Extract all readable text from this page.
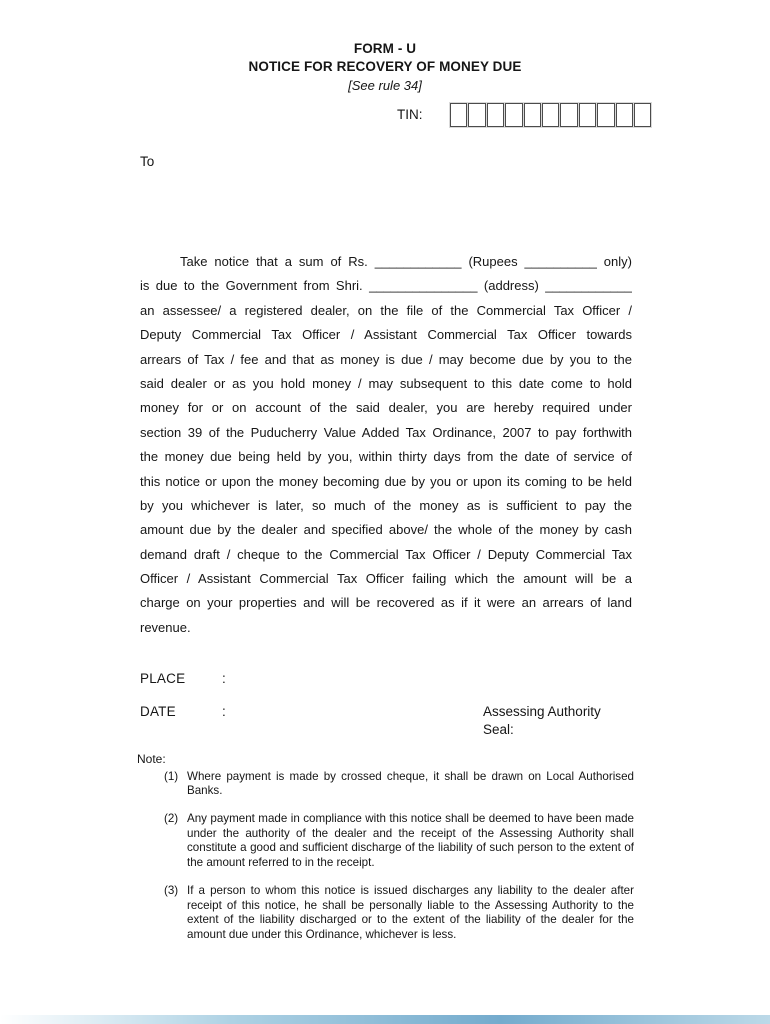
FORM - U
NOTICE FOR RECOVERY OF MONEY DUE
[See rule 34]
TIN:
To
Take notice that a sum of Rs. ____________ (Rupees __________ only)
is due to the Government from Shri. _______________ (address) ____________
an assessee/ a registered dealer, on the file of the Commercial Tax Officer /
Deputy Commercial Tax Officer / Assistant Commercial Tax Officer towards
arrears of Tax / fee and that as money is due / may become due by you to the
said dealer or as you hold money / may subsequent to this date come to hold
money for or on account of the said dealer, you are hereby required under
section 39 of the Puducherry Value Added Tax Ordinance, 2007 to pay forthwith
the money due being held by you, within thirty days from the date of service of
this notice or upon the money becoming due by you or upon its coming to be held
by you whichever is later, so much of the money as is sufficient to pay the
amount due by the dealer and specified above/ the whole of the money by cash
demand draft / cheque to the Commercial Tax Officer / Deputy Commercial Tax
Officer / Assistant Commercial Tax Officer failing which the amount will be a
charge on your properties and will be recovered as if it were an arrears of land
revenue.
PLACE	:
DATE	:	Assessing Authority
Seal:
Note:
(1) Where payment is made by crossed cheque, it shall be drawn on Local Authorised Banks.
(2) Any payment made in compliance with this notice shall be deemed to have been made under the authority of the dealer and the receipt of the Assessing Authority shall constitute a good and sufficient discharge of the liability of such person to the extent of the amount referred to in the receipt.
(3) If a person to whom this notice is issued discharges any liability to the dealer after receipt of this notice, he shall be personally liable to the Assessing Authority to the extent of the liability discharged or to the extent of the liability of the dealer for the amount due under this Ordinance, whichever is less.
